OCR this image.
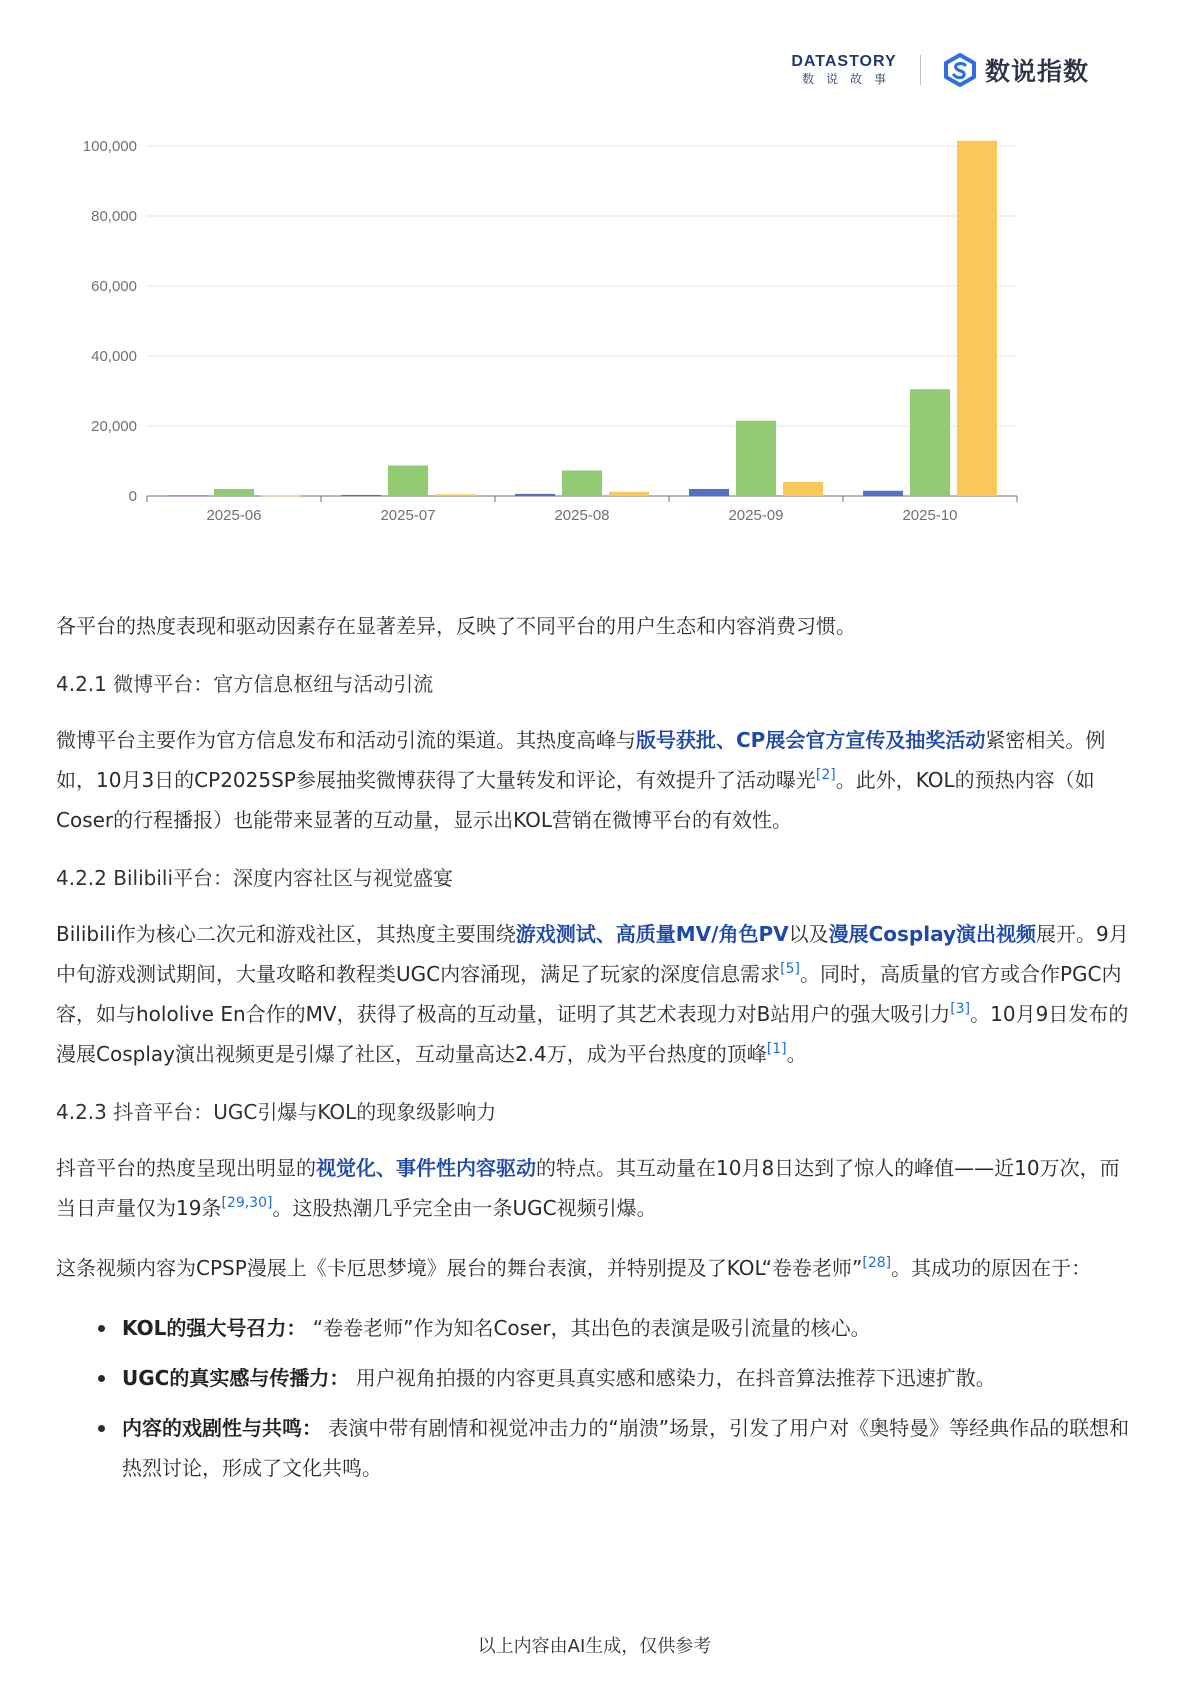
DATASTORY
数说故事	数说指数
0
20,000
40,000
60,000
80,000
100,000
2025-06	2025-07	2025-08	2025-09	2025-10

各平台的热度表现和驱动因素存在显著差异，反映了不同平台的用户生态和内容消费习惯。

4.2.1 微博平台：官方信息枢纽与活动引流

微博平台主要作为官方信息发布和活动引流的渠道。其热度高峰与版号获批、CP展会官方宣传及抽奖活动紧密相关。例如，10月3日的CP2025SP参展抽奖微博获得了大量转发和评论，有效提升了活动曝光[2]。此外，KOL的预热内容（如Coser的行程播报）也能带来显著的互动量，显示出KOL营销在微博平台的有效性。

4.2.2 Bilibili平台：深度内容社区与视觉盛宴

Bilibili作为核心二次元和游戏社区，其热度主要围绕游戏测试、高质量MV/角色PV以及漫展Cosplay演出视频展开。9月中旬游戏测试期间，大量攻略和教程类UGC内容涌现，满足了玩家的深度信息需求[5]。同时，高质量的官方或合作PGC内容，如与hololive En合作的MV，获得了极高的互动量，证明了其艺术表现力对B站用户的强大吸引力[3]。10月9日发布的漫展Cosplay演出视频更是引爆了社区，互动量高达2.4万，成为平台热度的顶峰[1]。

4.2.3 抖音平台：UGC引爆与KOL的现象级影响力

抖音平台的热度呈现出明显的视觉化、事件性内容驱动的特点。其互动量在10月8日达到了惊人的峰值——近10万次，而当日声量仅为19条[29,30]。这股热潮几乎完全由一条UGC视频引爆。

这条视频内容为CPSP漫展上《卡厄思梦境》展台的舞台表演，并特别提及了KOL“卷卷老师”[28]。其成功的原因在于：

KOL的强大号召力： “卷卷老师”作为知名Coser，其出色的表演是吸引流量的核心。
UGC的真实感与传播力： 用户视角拍摄的内容更具真实感和感染力，在抖音算法推荐下迅速扩散。
内容的戏剧性与共鸣： 表演中带有剧情和视觉冲击力的“崩溃”场景，引发了用户对《奥特曼》等经典作品的联想和热烈讨论，形成了文化共鸣。
以上内容由AI生成，仅供参考
